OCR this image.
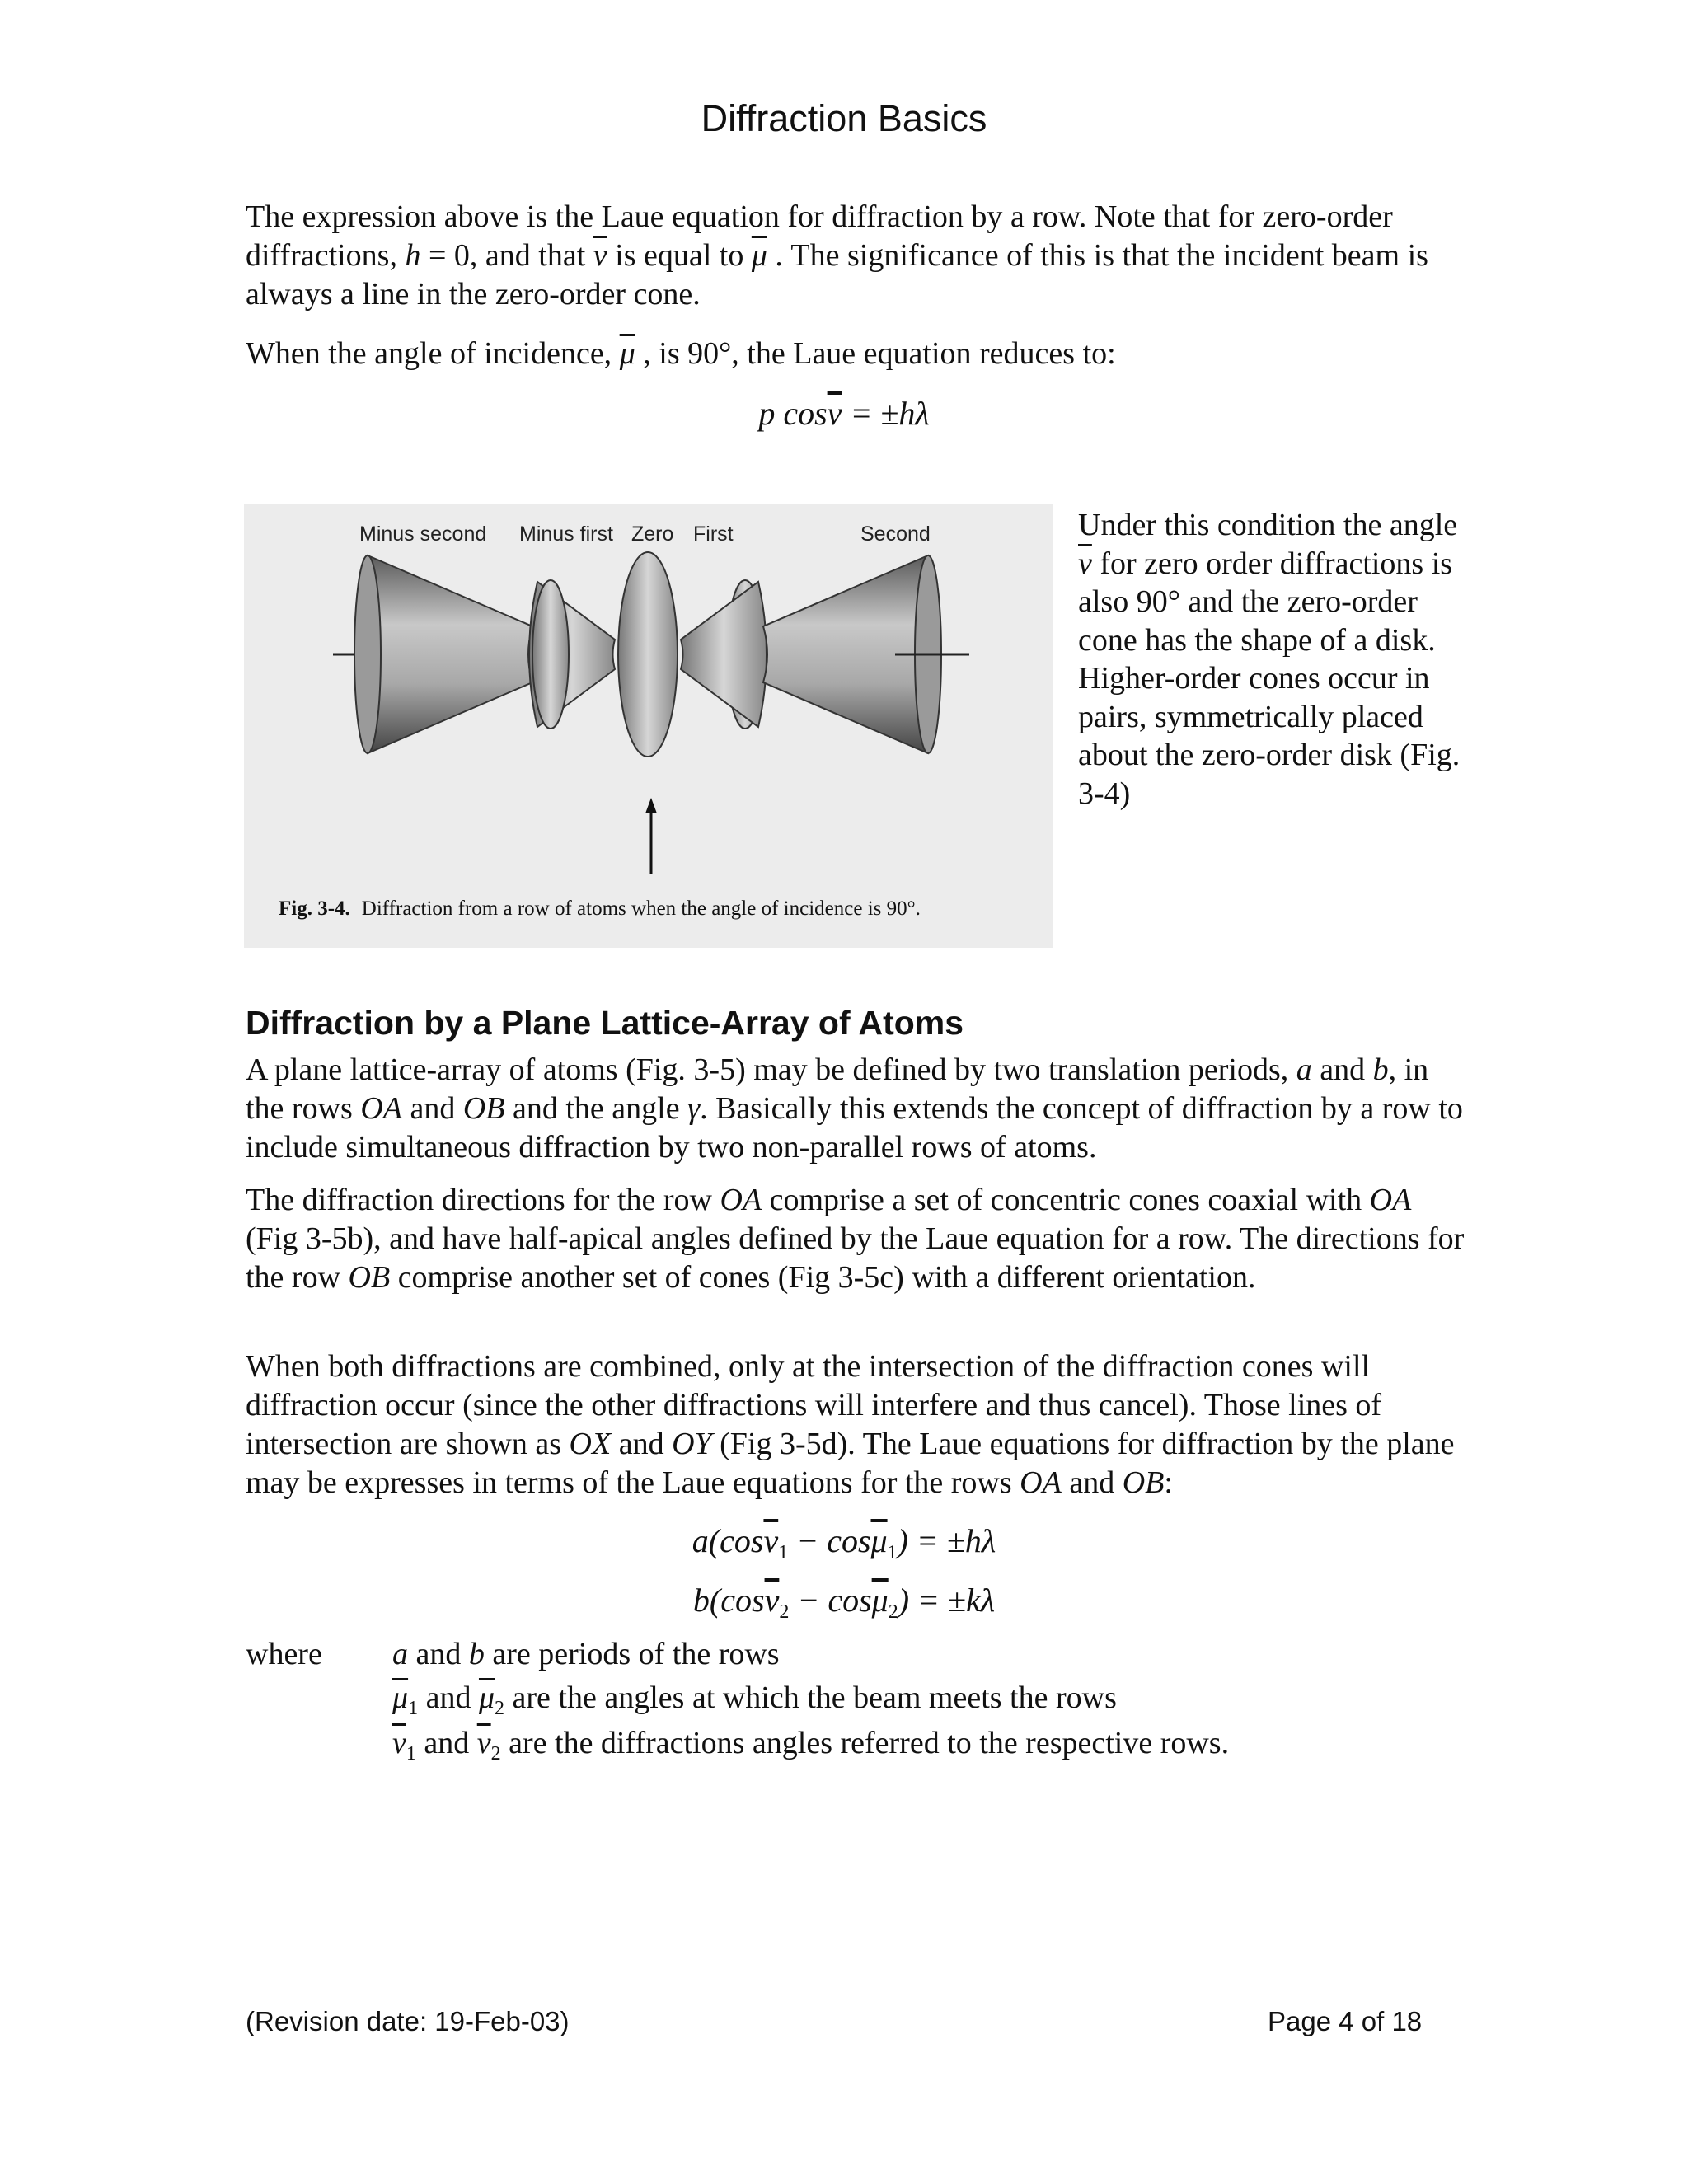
Diffraction Basics

The expression above is the Laue equation for diffraction by a row. Note that for zero-order diffractions, h = 0, and that $\overline{\nu}$ is equal to $\overline{\mu}$ . The significance of this is that the incident beam is always a line in the zero-order cone.

When the angle of incidence, $\overline{\mu}$ , is 90°, the Laue equation reduces to:

p $\cos\overline{\nu} = \pm h\lambda$

Minus second Minus first Zero First	Second
Fig. 3-4. Diffraction from a row of atoms when the angle of incidence is 90°.

Under this condition the angle $\overline{\nu}$ for zero order diffractions is also 90° and the zero-order cone has the shape of a disk. Higher-order cones occur in pairs, symmetrically placed about the zero-order disk (Fig. 3-4)

Diffraction by a Plane Lattice-Array of Atoms

A plane lattice-array of atoms (Fig. 3-5) may be defined by two translation periods, a and b, in the rows OA and OB and the angle γ. Basically this extends the concept of diffraction by a row to include simultaneous diffraction by two non-parallel rows of atoms.

The diffraction directions for the row OA comprise a set of concentric cones coaxial with OA (Fig 3-5b), and have half-apical angles defined by the Laue equation for a row. The directions for the row OB comprise another set of cones (Fig 3-5c) with a different orientation.

When both diffractions are combined, only at the intersection of the diffraction cones will diffraction occur (since the other diffractions will interfere and thus cancel). Those lines of intersection are shown as OX and OY (Fig 3-5d). The Laue equations for diffraction by the plane may be expresses in terms of the Laue equations for the rows OA and OB:

$a(\cos\overline{\nu}_1 - \cos\overline{\mu}_1) = \pm h\lambda$

$b(\cos\overline{\nu}_2 - \cos\overline{\mu}_2) = \pm k\lambda$

where a and b are periods of the rows
$\overline{\mu}_1$ and $\overline{\mu}_2$ are the angles at which the beam meets the rows
$\overline{\nu}_1$ and $\overline{\nu}_2$ are the diffractions angles referred to the respective rows.
(Revision date: 19-Feb-03)	Page 4 of 18
